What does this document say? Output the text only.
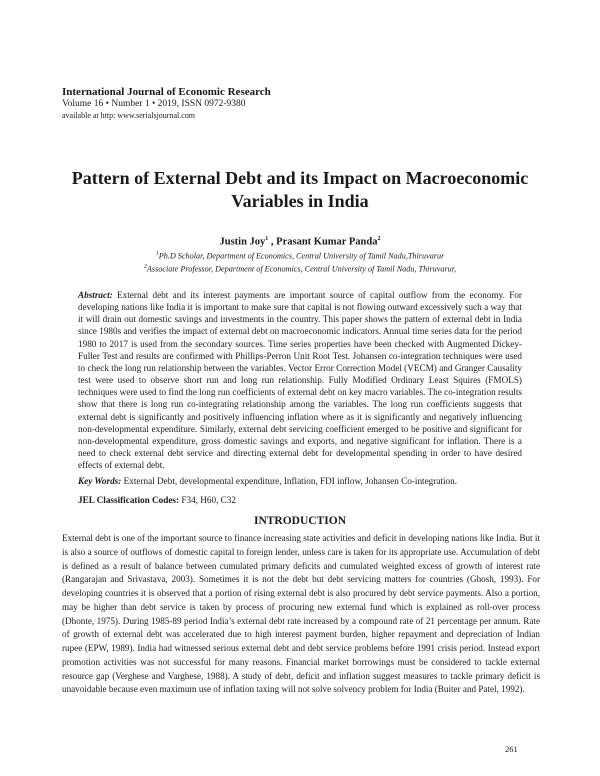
International Journal of Economic Research
Volume 16 • Number 1 • 2019, ISSN 0972-9380
available at http: www.serialsjournal.com
Pattern of External Debt and its Impact on Macroeconomic Variables in India
Justin Joy$^1$ , Prasant Kumar Panda$^2$
$^1$Ph.D Scholar, Department of Economics, Central University of Tamil Nadu,Thiruvarur
$^2$Associate Professor, Department of Economics, Central University of Tamil Nadu, Thiruvarur,
Abstract: External debt and its interest payments are important source of capital outflow from the economy. For developing nations like India it is important to make sure that capital is not flowing outward excessively such a way that it will drain out domestic savings and investments in the country. This paper shows the pattern of external debt in India since 1980s and verifies the impact of external debt on macroeconomic indicators. Annual time series data for the period 1980 to 2017 is used from the secondary sources. Time series properties have been checked with Augmented Dickey-Fuller Test and results are confirmed with Phillips-Perron Unit Root Test. Johansen co-integration techniques were used to check the long run relationship between the variables. Vector Error Correction Model (VECM) and Granger Causality test were used to observe short run and long run relationship. Fully Modified Ordinary Least Squires (FMOLS) techniques were used to find the long run coefficients of external debt on key macro variables. The co-integration results show that there is long run co-integrating relationship among the variables. The long run coefficients suggests that external debt is significantly and positively influencing inflation where as it is significantly and negatively influencing non-developmental expenditure. Similarly, external debt servicing coefficient emerged to be positive and significant for non-developmental expenditure, gross domestic savings and exports, and negative significant for inflation. There is a need to check external debt service and directing external debt for developmental spending in order to have desired effects of external debt.
Key Words: External Debt, developmental expenditure, Inflation, FDI inflow, Johansen Co-integration.
JEL Classification Codes: F34, H60, C32
INTRODUCTION
External debt is one of the important source to finance increasing state activities and deficit in developing nations like India. But it is also a source of outflows of domestic capital to foreign lender, unless care is taken for its appropriate use. Accumulation of debt is defined as a result of balance between cumulated primary deficits and cumulated weighted excess of growth of interest rate (Rangarajan and Srivastava, 2003). Sometimes it is not the debt but debt servicing matters for countries (Ghosh, 1993). For developing countries it is observed that a portion of rising external debt is also procured by debt service payments. Also a portion, may be higher than debt service is taken by process of procuring new external fund which is explained as roll-over process (Dhonte, 1975). During 1985-89 period India’s external debt rate increased by a compound rate of 21 percentage per annum. Rate of growth of external debt was accelerated due to high interest payment burden, higher repayment and depreciation of Indian rupee (EPW, 1989). India had witnessed serious external debt and debt service problems before 1991 crisis period. Instead export promotion activities was not successful for many reasons. Financial market borrowings must be considered to tackle external resource gap (Verghese and Varghese, 1988). A study of debt, deficit and inflation suggest measures to tackle primary deficit is unavoidable because even maximum use of inflation taxing will not solve solvency problem for India (Buiter and Patel, 1992).
261
